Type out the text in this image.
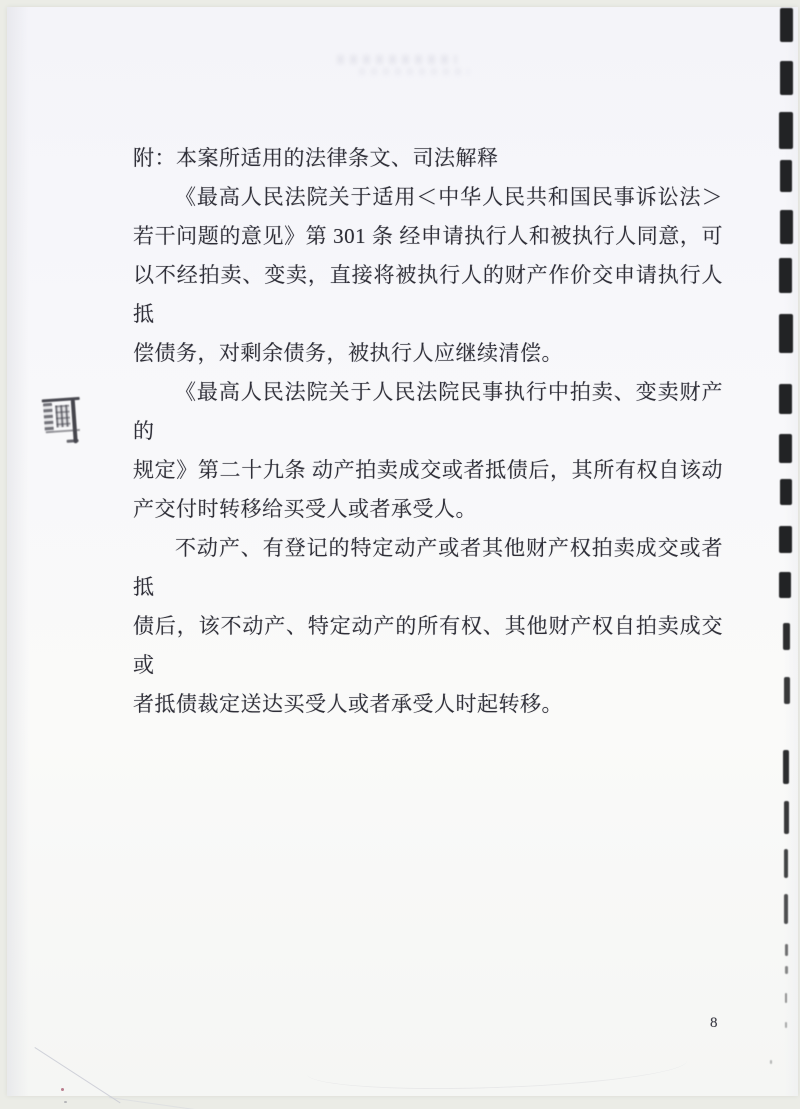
附：本案所适用的法律条文、司法解释
《最高人民法院关于适用＜中华人民共和国民事诉讼法＞
若干问题的意见》第 301 条 经申请执行人和被执行人同意，可
以不经拍卖、变卖，直接将被执行人的财产作价交申请执行人抵
偿债务，对剩余债务，被执行人应继续清偿。
《最高人民法院关于人民法院民事执行中拍卖、变卖财产的
规定》第二十九条 动产拍卖成交或者抵债后，其所有权自该动
产交付时转移给买受人或者承受人。
不动产、有登记的特定动产或者其他财产权拍卖成交或者抵
债后，该不动产、特定动产的所有权、其他财产权自拍卖成交或
者抵债裁定送达买受人或者承受人时起转移。
8
